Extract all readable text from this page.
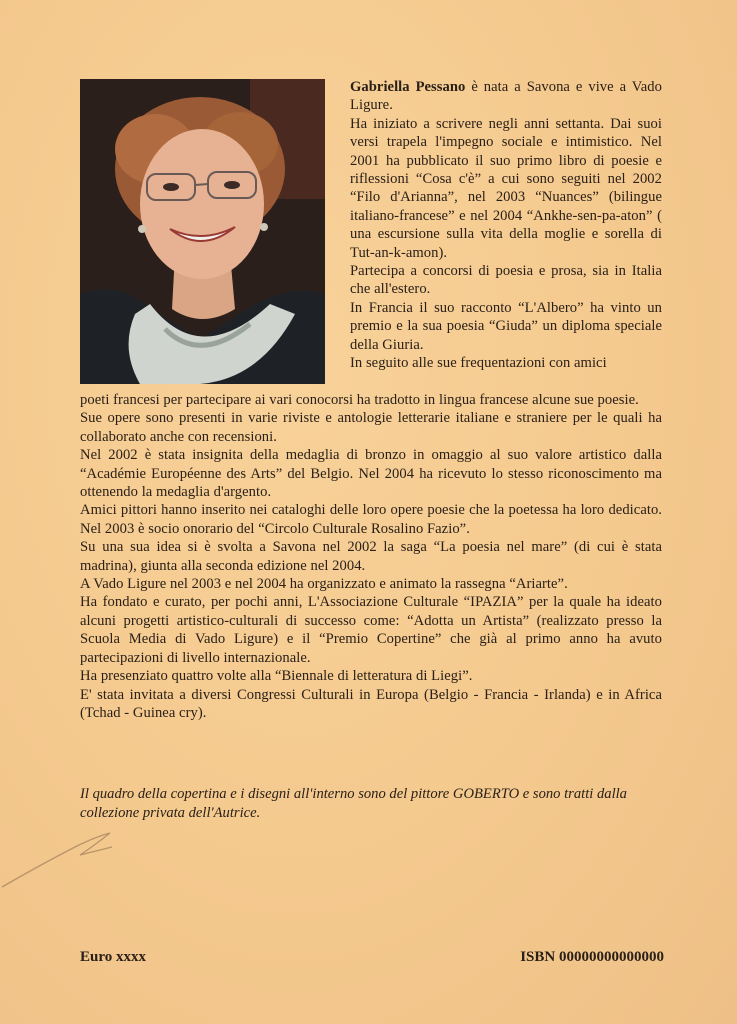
Gabriella Pessano è nata a Savona e vive a Vado Ligure.

Ha iniziato a scrivere negli anni settanta. Dai suoi versi trapela l'impegno sociale e intimistico. Nel 2001 ha pubblicato il suo primo libro di poesie e riflessioni “Cosa c'è” a cui sono seguiti nel 2002 “Filo d'Arianna”, nel 2003 “Nuances” (bilingue italiano-francese” e nel 2004 “Ankhe-sen-pa-aton” ( una escursione sulla vita della moglie e sorella di Tut-an-k-amon).

Partecipa a concorsi di poesia e prosa, sia in Italia che all'estero.

In Francia il suo racconto “L'Albero” ha vinto un premio e la sua poesia “Giuda” un diploma speciale della Giuria.

In seguito alle sue frequentazioni con amici

poeti francesi per partecipare ai vari conocorsi ha tradotto in lingua francese alcune sue poesie.

Sue opere sono presenti in varie riviste e antologie letterarie italiane e straniere per le quali ha collaborato anche con recensioni.

Nel 2002 è stata insignita della medaglia di bronzo in omaggio al suo valore artistico dalla “Académie Européenne des Arts” del Belgio. Nel 2004 ha ricevuto lo stesso riconoscimento ma ottenendo la medaglia d'argento.

Amici pittori hanno inserito nei cataloghi delle loro opere poesie che la poetessa ha loro dedicato. Nel 2003 è socio onorario del “Circolo Culturale Rosalino Fazio”.

Su una sua idea si è svolta a Savona nel 2002 la saga “La poesia nel mare” (di cui è stata madrina), giunta alla seconda edizione nel 2004.

A Vado Ligure nel 2003 e nel 2004 ha organizzato e animato la rassegna “Ariarte”.

Ha fondato e curato, per pochi anni, L'Associazione Culturale “IPAZIA” per la quale ha ideato alcuni progetti artistico-culturali di successo come: “Adotta un Artista” (realizzato presso la Scuola Media di Vado Ligure) e il “Premio Copertine” che già al primo anno ha avuto partecipazioni di livello internazionale.

Ha presenziato quattro volte alla “Biennale di letteratura di Liegi”.

E' stata invitata a diversi Congressi Culturali in Europa (Belgio - Francia - Irlanda) e in Africa (Tchad - Guinea cry).

Il quadro della copertina e i disegni all'interno sono del pittore GOBERTO e sono tratti dalla collezione privata dell'Autrice.
Euro xxxx	ISBN 00000000000000
